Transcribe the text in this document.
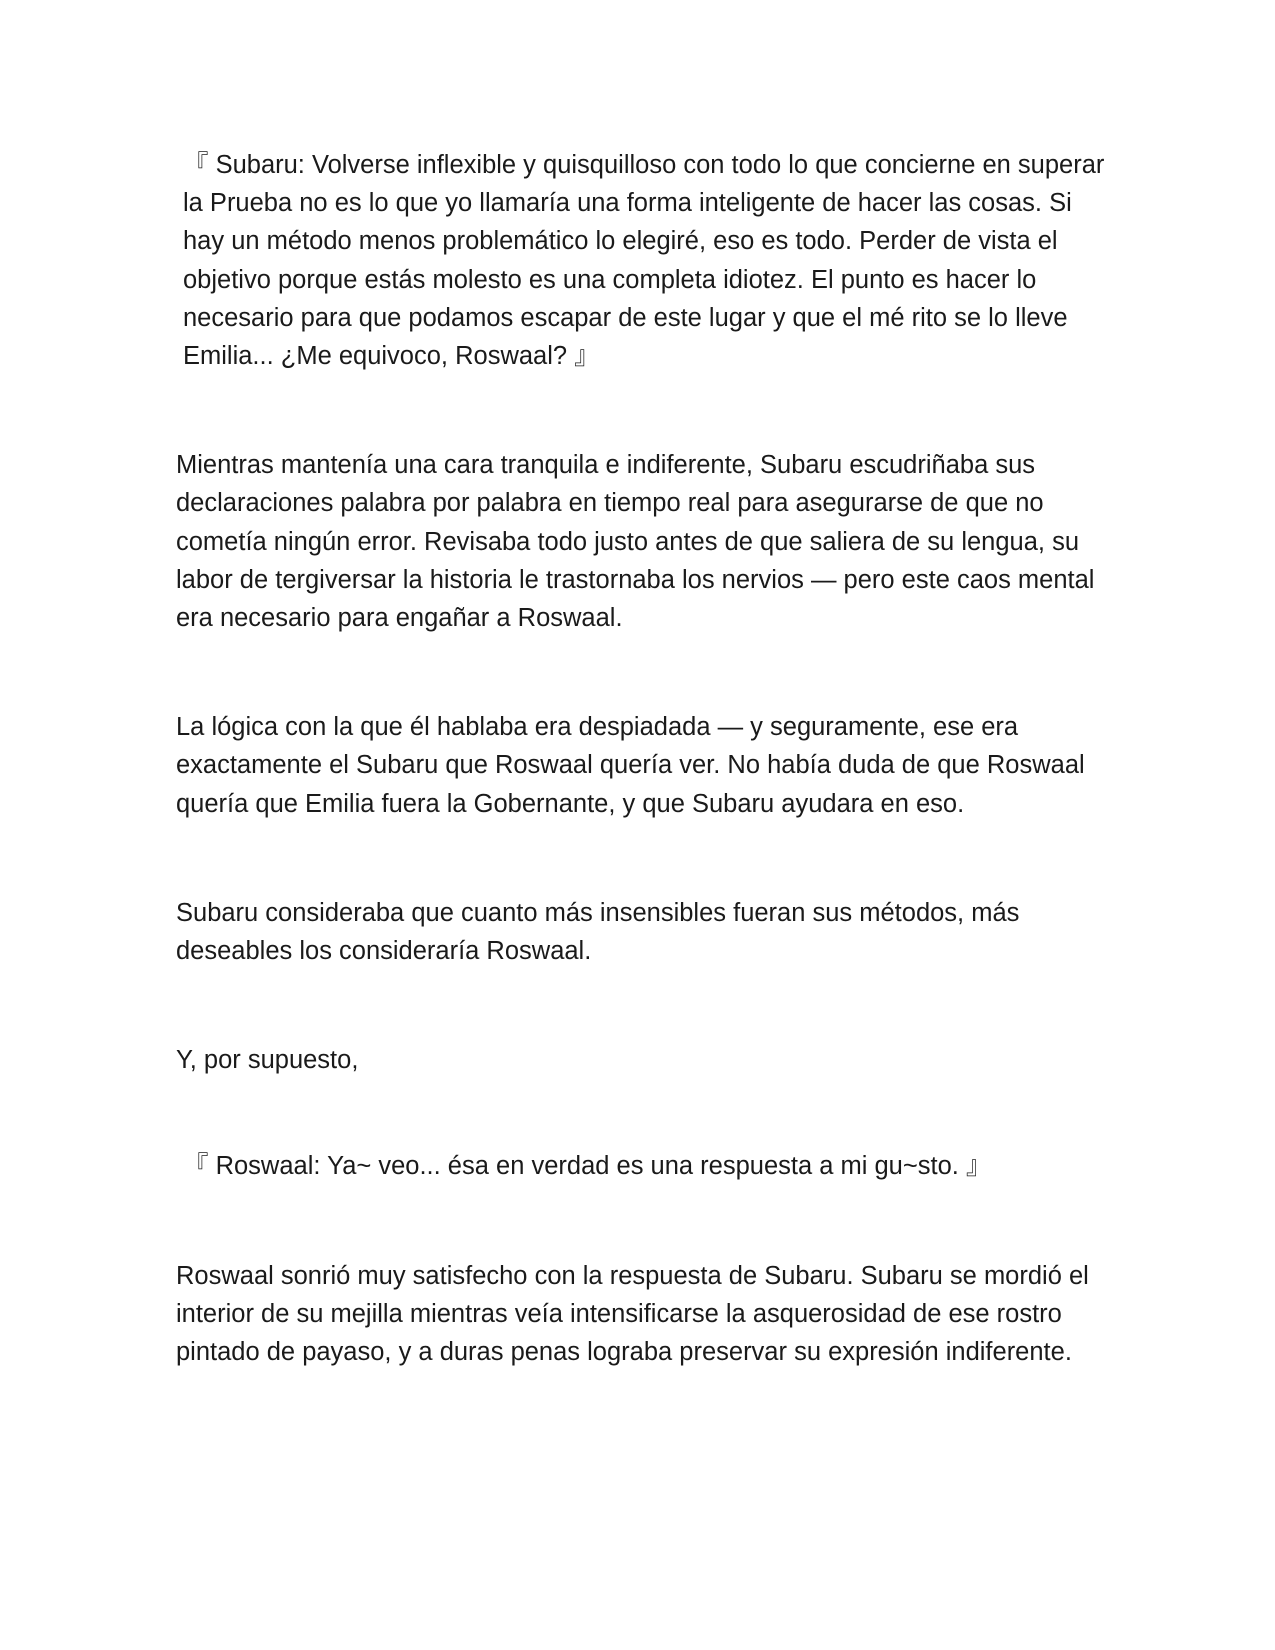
『 Subaru: Volverse inflexible y quisquilloso con todo lo que concierne en superar la Prueba no es lo que yo llamaría una forma inteligente de hacer las cosas. Si hay un método menos problemático lo elegiré, eso es todo. Perder de vista el objetivo porque estás molesto es una completa idiotez. El punto es hacer lo necesario para que podamos escapar de este lugar y que el mé rito se lo lleve Emilia... ¿Me equivoco, Roswaal? 』

Mientras mantenía una cara tranquila e indiferente, Subaru escudriñaba sus declaraciones palabra por palabra en tiempo real para asegurarse de que no cometía ningún error. Revisaba todo justo antes de que saliera de su lengua, su labor de tergiversar la historia le trastornaba los nervios — pero este caos mental era necesario para engañar a Roswaal.

La lógica con la que él hablaba era despiadada — y seguramente, ese era exactamente el Subaru que Roswaal quería ver. No había duda de que Roswaal quería que Emilia fuera la Gobernante, y que Subaru ayudara en eso.

Subaru consideraba que cuanto más insensibles fueran sus métodos, más deseables los consideraría Roswaal.

Y, por supuesto,

『 Roswaal: Ya~ veo... ésa en verdad es una respuesta a mi gu~sto. 』

Roswaal sonrió muy satisfecho con la respuesta de Subaru. Subaru se mordió el interior de su mejilla mientras veía intensificarse la asquerosidad de ese rostro pintado de payaso, y a duras penas lograba preservar su expresión indiferente.
